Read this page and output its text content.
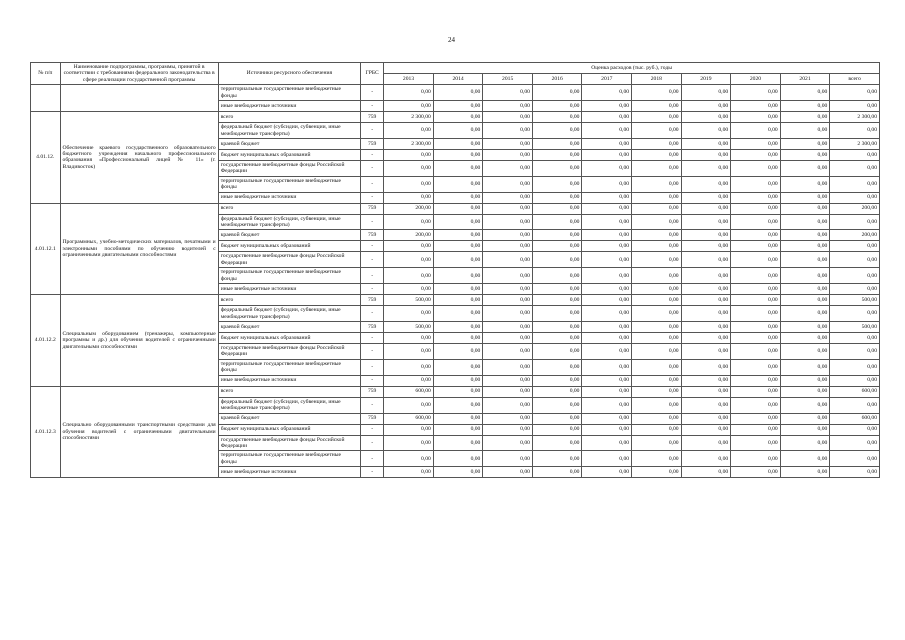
24
№ п/п	Наименование подпрограммы, программы, принятой в соответствии с требованиями федерального законодательства в сфере реализации государственной программы	Источники ресурсного обеспечения	ГРБС	Оценка расходов (тыс. руб.), годы									
				2013	2014	2015	2016	2017	2018	2019	2020	2021	всего
		территориальные государственные внебюджетные фонды	-	0,00	0,00	0,00	0,00	0,00	0,00	0,00	0,00	0,00	0,00
		иные внебюджетные источники	-	0,00	0,00	0,00	0,00	0,00	0,00	0,00	0,00	0,00	0,00
4.01.12.	Обеспечение краевого государственного образовательного бюджетного учреждения начального профессионального образования «Профессиональный лицей № 11» (г. Владивосток)	всего	759	2 300,00	0,00	0,00	0,00	0,00	0,00	0,00	0,00	0,00	2 300,00
		федеральный бюджет (субсидии, субвенции, иные межбюджетные трансферты)	-	0,00	0,00	0,00	0,00	0,00	0,00	0,00	0,00	0,00	0,00
		краевой бюджет	759	2 300,00	0,00	0,00	0,00	0,00	0,00	0,00	0,00	0,00	2 300,00
		бюджет муниципальных образований	-	0,00	0,00	0,00	0,00	0,00	0,00	0,00	0,00	0,00	0,00
		государственные внебюджетные фонды Российской Федерации	-	0,00	0,00	0,00	0,00	0,00	0,00	0,00	0,00	0,00	0,00
		территориальные государственные внебюджетные фонды	-	0,00	0,00	0,00	0,00	0,00	0,00	0,00	0,00	0,00	0,00
		иные внебюджетные источники	-	0,00	0,00	0,00	0,00	0,00	0,00	0,00	0,00	0,00	0,00
4.01.12.1	Программных, учебно-методических материалов, печатными и электронными пособиями по обучению водителей с ограниченными двигательными способностями	всего	759	200,00	0,00	0,00	0,00	0,00	0,00	0,00	0,00	0,00	200,00
		федеральный бюджет (субсидии, субвенции, иные межбюджетные трансферты)	-	0,00	0,00	0,00	0,00	0,00	0,00	0,00	0,00	0,00	0,00
		краевой бюджет	759	200,00	0,00	0,00	0,00	0,00	0,00	0,00	0,00	0,00	200,00
		бюджет муниципальных образований	-	0,00	0,00	0,00	0,00	0,00	0,00	0,00	0,00	0,00	0,00
		государственные внебюджетные фонды Российской Федерации	-	0,00	0,00	0,00	0,00	0,00	0,00	0,00	0,00	0,00	0,00
		территориальные государственные внебюджетные фонды	-	0,00	0,00	0,00	0,00	0,00	0,00	0,00	0,00	0,00	0,00
		иные внебюджетные источники	-	0,00	0,00	0,00	0,00	0,00	0,00	0,00	0,00	0,00	0,00
4.01.12.2	Специальным оборудованием (тренажеры, компьютерные программы и др.) для обучения водителей с ограниченными двигательными способностями	всего	759	500,00	0,00	0,00	0,00	0,00	0,00	0,00	0,00	0,00	500,00
		федеральный бюджет (субсидии, субвенции, иные межбюджетные трансферты)	-	0,00	0,00	0,00	0,00	0,00	0,00	0,00	0,00	0,00	0,00
		краевой бюджет	759	500,00	0,00	0,00	0,00	0,00	0,00	0,00	0,00	0,00	500,00
		бюджет муниципальных образований	-	0,00	0,00	0,00	0,00	0,00	0,00	0,00	0,00	0,00	0,00
		государственные внебюджетные фонды Российской Федерации	-	0,00	0,00	0,00	0,00	0,00	0,00	0,00	0,00	0,00	0,00
		территориальные государственные внебюджетные фонды	-	0,00	0,00	0,00	0,00	0,00	0,00	0,00	0,00	0,00	0,00
		иные внебюджетные источники	-	0,00	0,00	0,00	0,00	0,00	0,00	0,00	0,00	0,00	0,00
4.01.12.3	Специально оборудованными транспортными средствами для обучения водителей с ограниченными двигательными способностями	всего	759	600,00	0,00	0,00	0,00	0,00	0,00	0,00	0,00	0,00	600,00
		федеральный бюджет (субсидии, субвенции, иные межбюджетные трансферты)	-	0,00	0,00	0,00	0,00	0,00	0,00	0,00	0,00	0,00	0,00
		краевой бюджет	759	600,00	0,00	0,00	0,00	0,00	0,00	0,00	0,00	0,00	600,00
		бюджет муниципальных образований	-	0,00	0,00	0,00	0,00	0,00	0,00	0,00	0,00	0,00	0,00
		государственные внебюджетные фонды Российской Федерации	-	0,00	0,00	0,00	0,00	0,00	0,00	0,00	0,00	0,00	0,00
		территориальные государственные внебюджетные фонды	-	0,00	0,00	0,00	0,00	0,00	0,00	0,00	0,00	0,00	0,00
		иные внебюджетные источники	-	0,00	0,00	0,00	0,00	0,00	0,00	0,00	0,00	0,00	0,00
